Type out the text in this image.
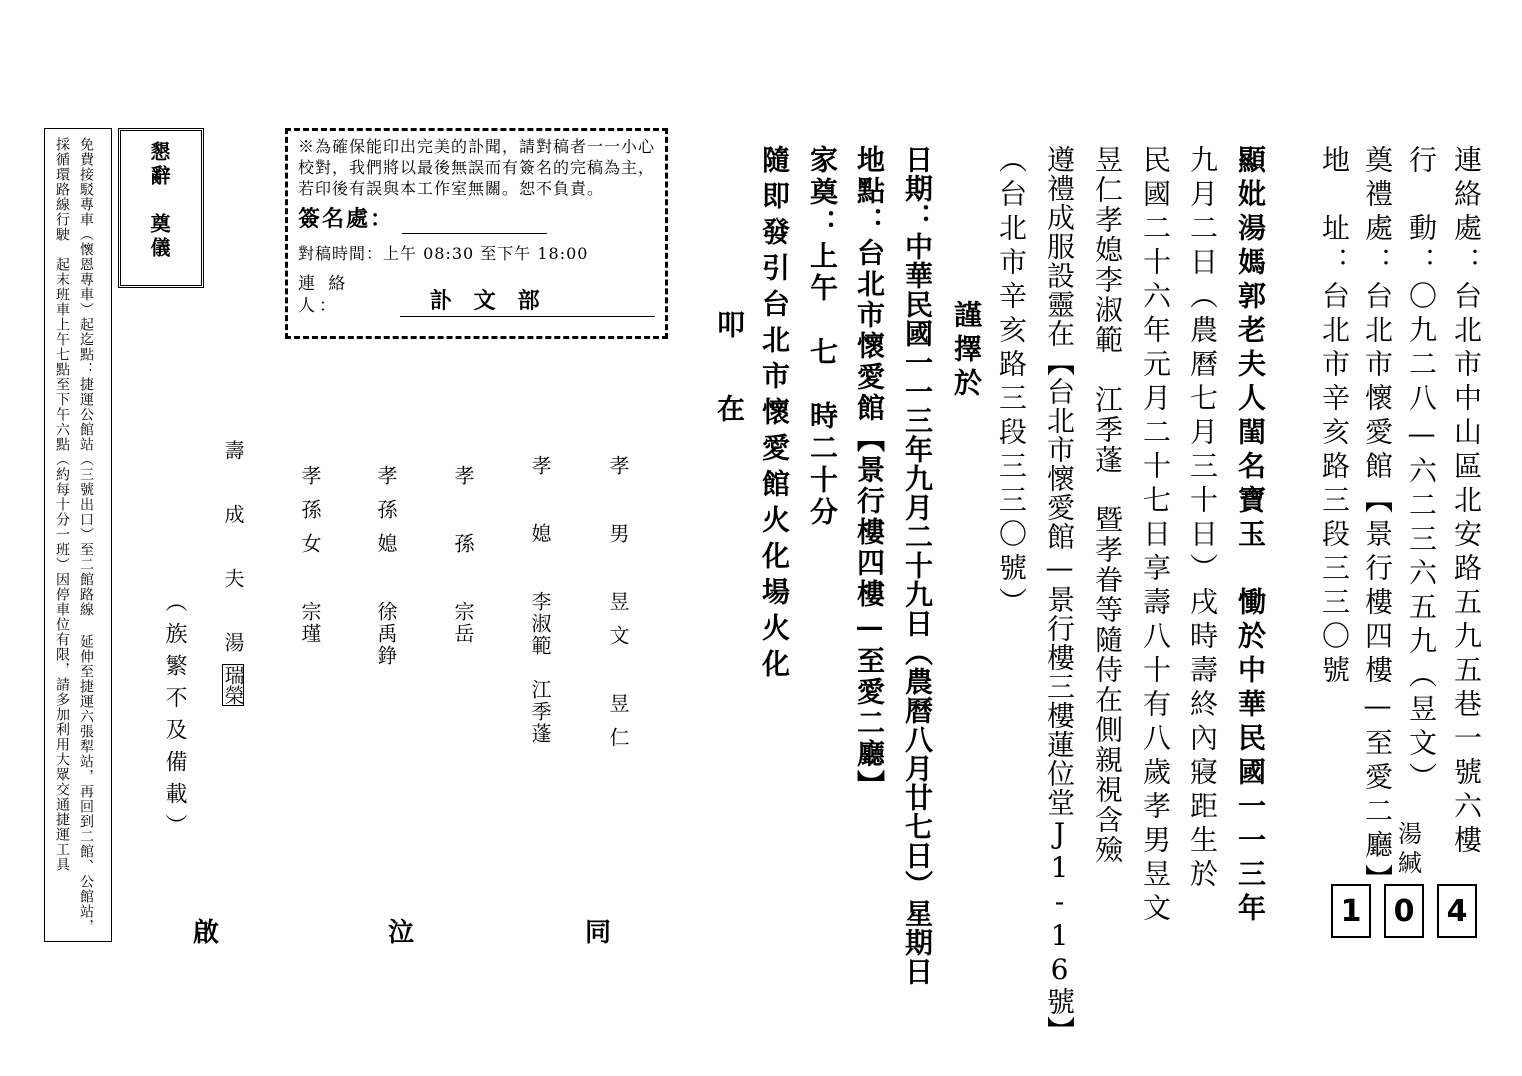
連絡處：台北市中山區北安路五九五巷一號六樓
行　動：〇九二八—六二三六五九（昱文）
奠禮處：台北市懷愛館【景行樓四樓—至愛二廳】
地　址：台北市辛亥路三段三三〇號
湯緘
1	0	4
顯妣湯媽郭老夫人閨名寶玉　慟於中華民國一一三年
九月二日（農曆七月三十日）戌時壽終內寢距生於
民國二十六年元月二十七日享壽八十有八歲孝男昱文
昱仁孝媳李淑範　江季蓬　暨孝眷等隨侍在側親視含殮
遵禮成服設靈在【台北市懷愛館—景行樓三樓蓮位堂J1-16號】
（台北市辛亥路三段三三〇號）
謹擇於
日期：中華民國一一三年九月二十九日（農曆八月廿七日）星期日
地點：台北市懷愛館【景行樓四樓—至愛二廳】
家奠：上午　七　時二十分
隨即發引台北市懷愛館火化場火化
叩　在

※為確保能印出完美的訃聞，請對稿者一一小心校對，我們將以最後無誤而有簽名的完稿為主，若印後有誤與本工作室無關。恕不負責。

簽名處：
對稿時間：上午 08:30 至下午 18:00
連 絡 人：	訃文部
孝　男　昱文　昱仁
孝　媳　李淑範　江季蓬
孝　孫　宗岳
孝孫媳　徐禹錚
孝孫女　宗瑾
壽　成　夫　湯瑞榮
（族繁不及備載）
同
泣
啟
懇辭　奠儀
免費接駁專車（懷恩專車）起迄點：捷運公館站（三號出口）至二館路線 延伸至捷運六張犁站，再回到二館、公館站，
採循環路線行駛　起末班車上午七點至下午六點（約每十分一班）因停車位有限，請多加利用大眾交通捷運工具
